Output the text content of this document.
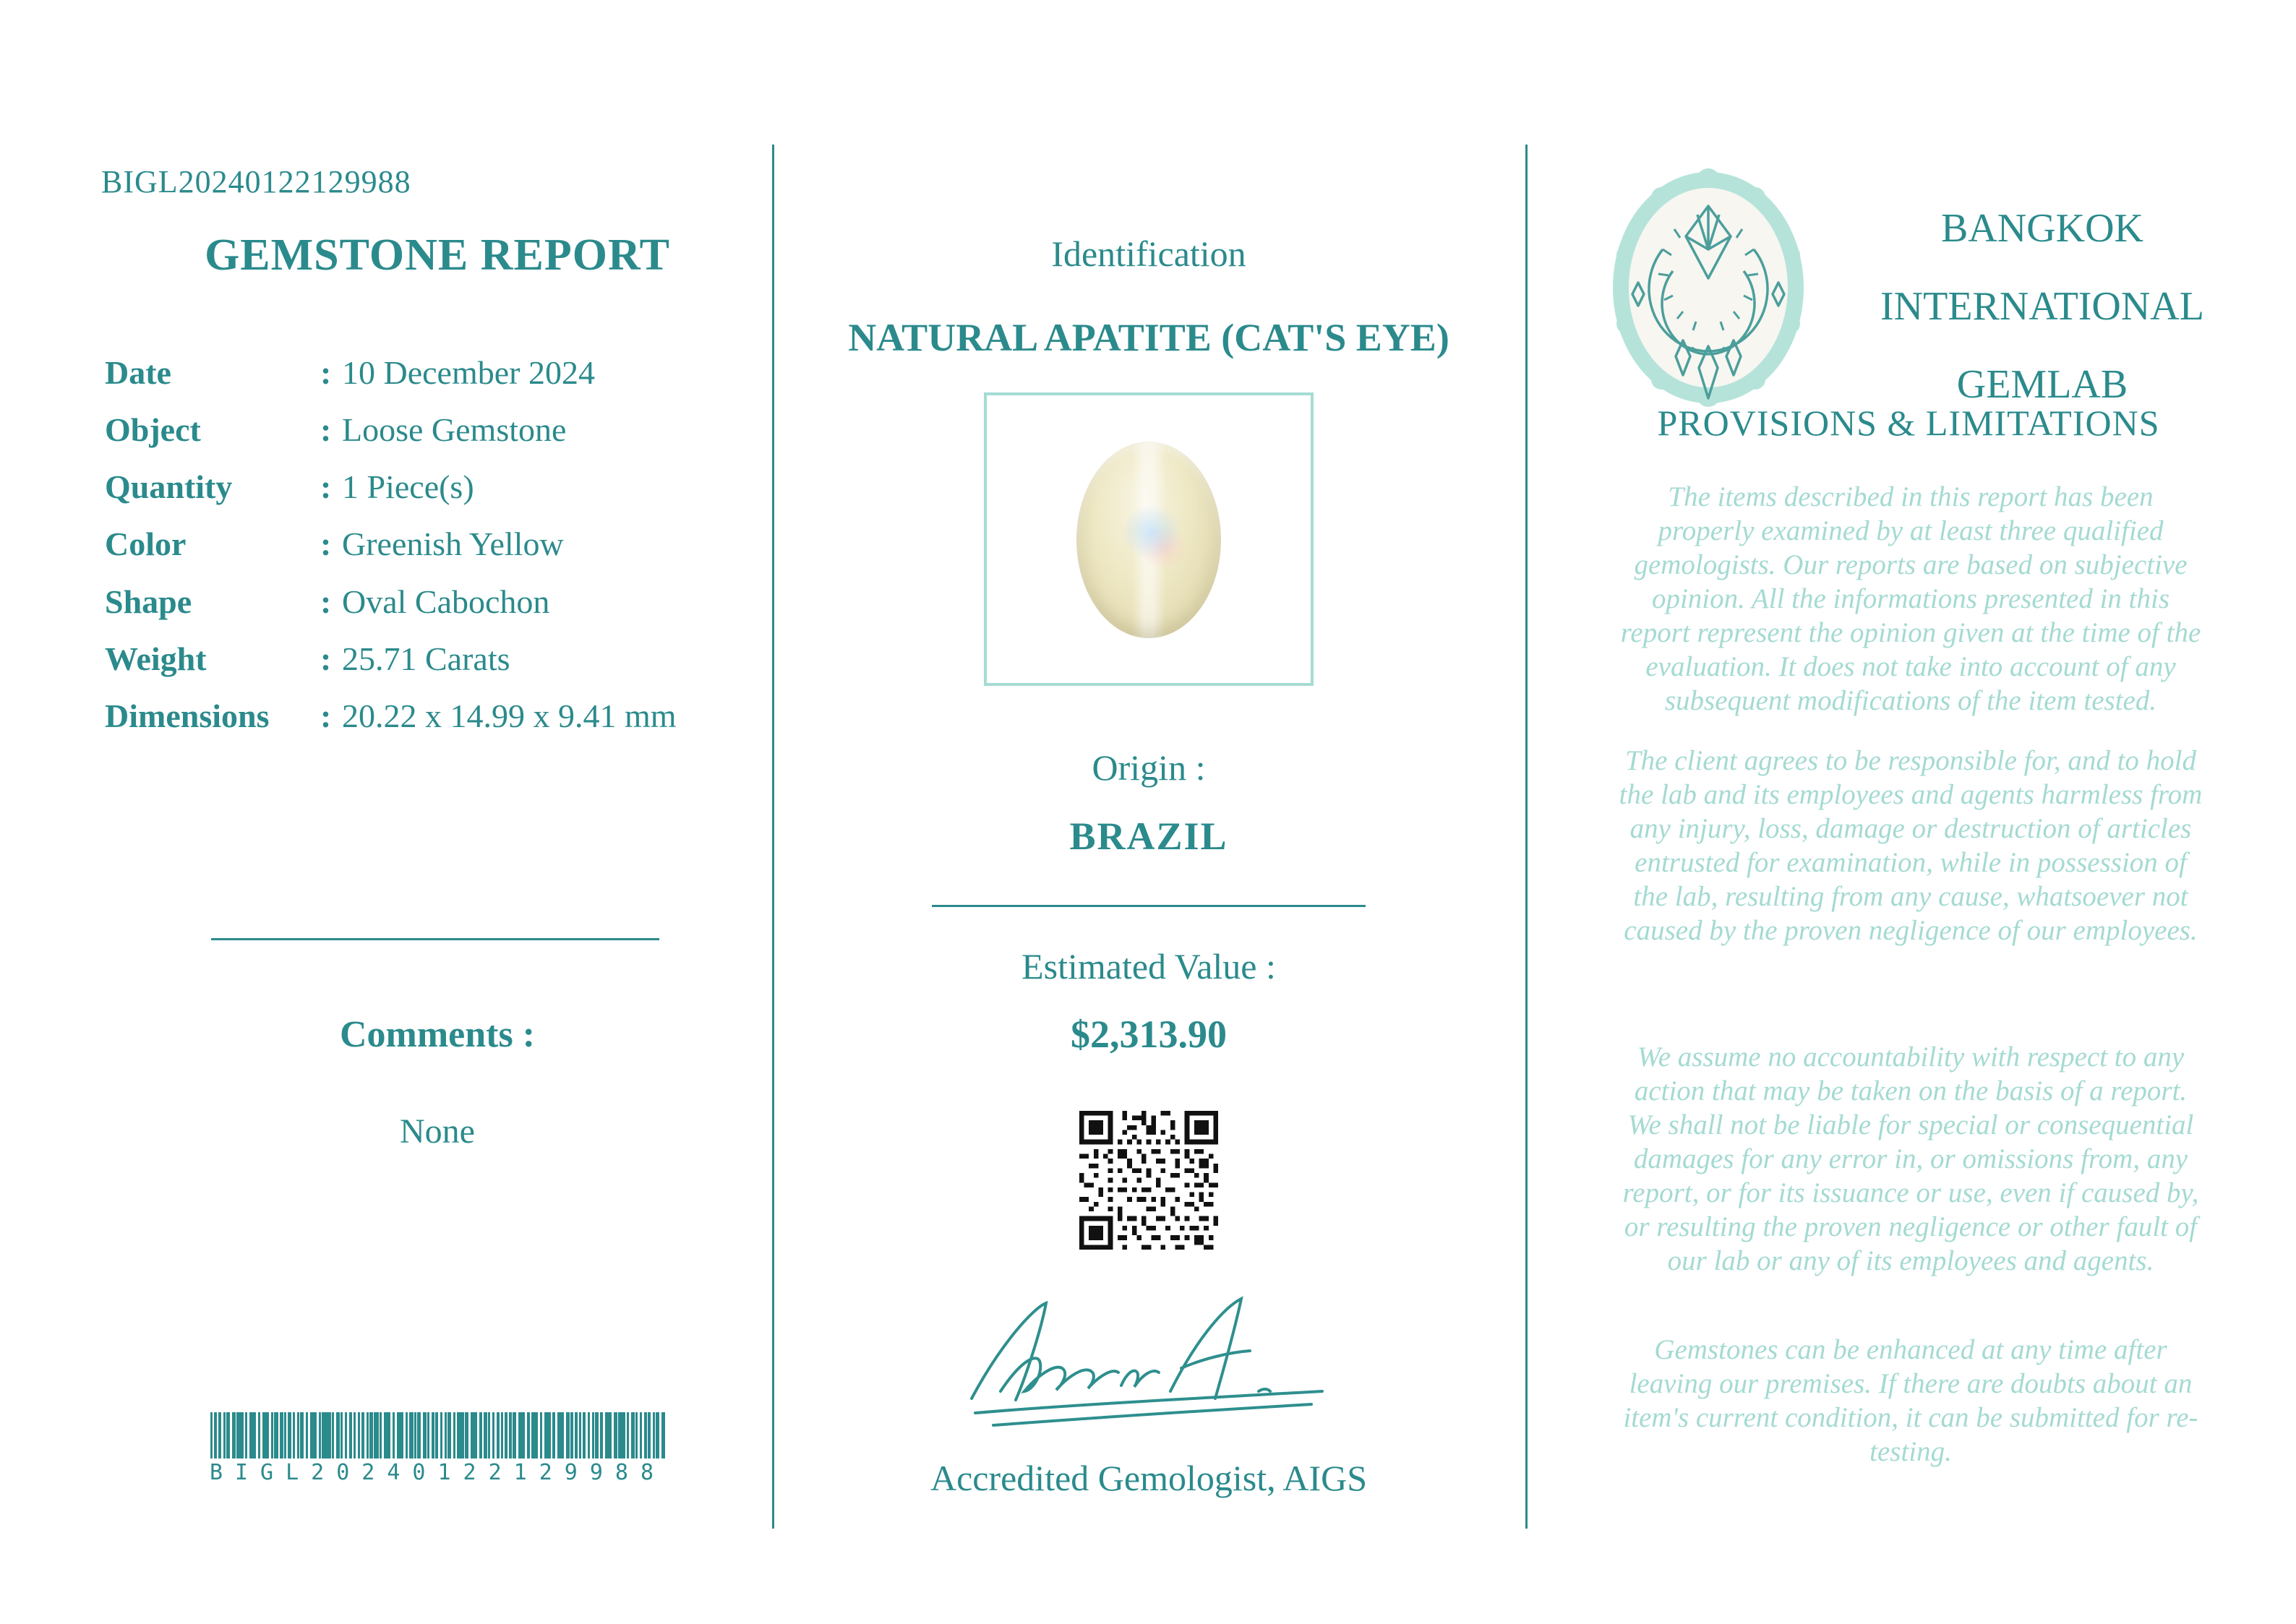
BIGL20240122129988
GEMSTONE REPORT
Date	: 10 December 2024
Object	: Loose Gemstone
Quantity	: 1 Piece(s)
Color	: Greenish Yellow
Shape	: Oval Cabochon
Weight	: 25.71 Carats
Dimensions : 20.22 x 14.99 x 9.41 mm
Comments :
None
BIGL20240122129988
Identification
NATURAL APATITE (CAT'S EYE)
Origin :
BRAZIL
Estimated Value :
$2,313.90
Accredited Gemologist, AIGS
BANGKOK
INTERNATIONAL
GEMLAB
PROVISIONS & LIMITATIONS
The items described in this report has been properly examined by at least three qualified gemologists. Our reports are based on subjective opinion. All the informations presented in this report represent the opinion given at the time of the evaluation. It does not take into account of any subsequent modifications of the item tested.
The client agrees to be responsible for, and to hold the lab and its employees and agents harmless from any injury, loss, damage or destruction of articles entrusted for examination, while in possession of the lab, resulting from any cause, whatsoever not caused by the proven negligence of our employees.
We assume no accountability with respect to any action that may be taken on the basis of a report. We shall not be liable for special or consequential damages for any error in, or omissions from, any report, or for its issuance or use, even if caused by, or resulting the proven negligence or other fault of our lab or any of its employees and agents.
Gemstones can be enhanced at any time after leaving our premises. If there are doubts about an item's current condition, it can be submitted for re-testing.
